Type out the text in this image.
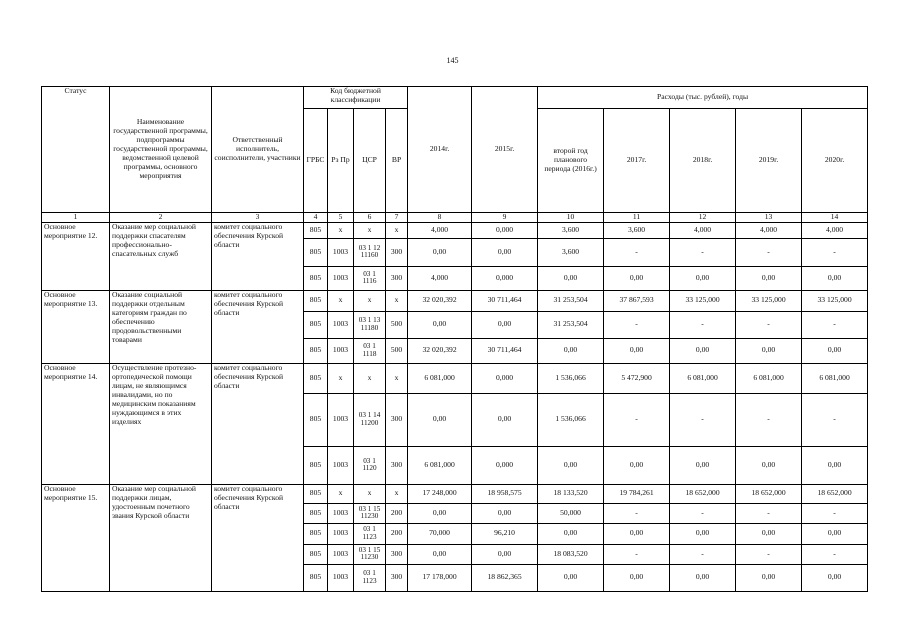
145
Статус	Наименование государственной программы, подпрограммы государственной программы, ведомственной целевой программы, основного мероприятия	Ответственный исполнитель, соисполнители, участники	Код бюджетной классификации				2014г.	2015г.	Расходы (тыс. рублей), годы				
			ГРБС	Рз Пр	ЦСР	ВР			второй год планового периода (2016г.)	2017г.	2018г.	2019г.	2020г.
1	2	3	4	5	6	7	8	9	10	11	12	13	14
Основное мероприятие 12.	Оказание мер социальной поддержки спасателям профессионально-спасательных служб	комитет социального обеспечения Курской области	805	x	x	x	4,000	0,000	3,600	3,600	4,000	4,000	4,000
			805	1003	03 1 12 11160	300	0,00	0,00	3,600	-	-	-	-
			805	1003	03 1 1116	300	4,000	0,000	0,00	0,00	0,00	0,00	0,00
Основное мероприятие 13.	Оказание социальной поддержки отдельным категориям граждан по обеспечению продовольственными товарами	комитет социального обеспечения Курской области	805	x	x	x	32 020,392	30 711,464	31 253,504	37 867,593	33 125,000	33 125,000	33 125,000
			805	1003	03 1 13 11180	500	0,00	0,00	31 253,504	-	-	-	-
			805	1003	03 1 1118	500	32 020,392	30 711,464	0,00	0,00	0,00	0,00	0,00
Основное мероприятие 14.	Осуществление протезно-ортопедической помощи лицам, не являющимся инвалидами, но по медицинским показаниям нуждающимся в этих изделиях	комитет социального обеспечения Курской области	805	x	x	x	6 081,000	0,000	1 536,066	5 472,900	6 081,000	6 081,000	6 081,000
			805	1003	03 1 14 11200	300	0,00	0,00	1 536,066	-	-	-	-
			805	1003	03 1 1120	300	6 081,000	0,000	0,00	0,00	0,00	0,00	0,00
Основное мероприятие 15.	Оказание мер социальной поддержки лицам, удостоенным почетного звания Курской области	комитет социального обеспечения Курской области	805	x	x	x	17 248,000	18 958,575	18 133,520	19 784,261	18 652,000	18 652,000	18 652,000
			805	1003	03 1 15 11230	200	0,00	0,00	50,000	-	-	-	-
			805	1003	03 1 1123	200	70,000	96,210	0,00	0,00	0,00	0,00	0,00
			805	1003	03 1 15 11230	300	0,00	0,00	18 083,520	-	-	-	-
			805	1003	03 1 1123	300	17 178,000	18 862,365	0,00	0,00	0,00	0,00	0,00
